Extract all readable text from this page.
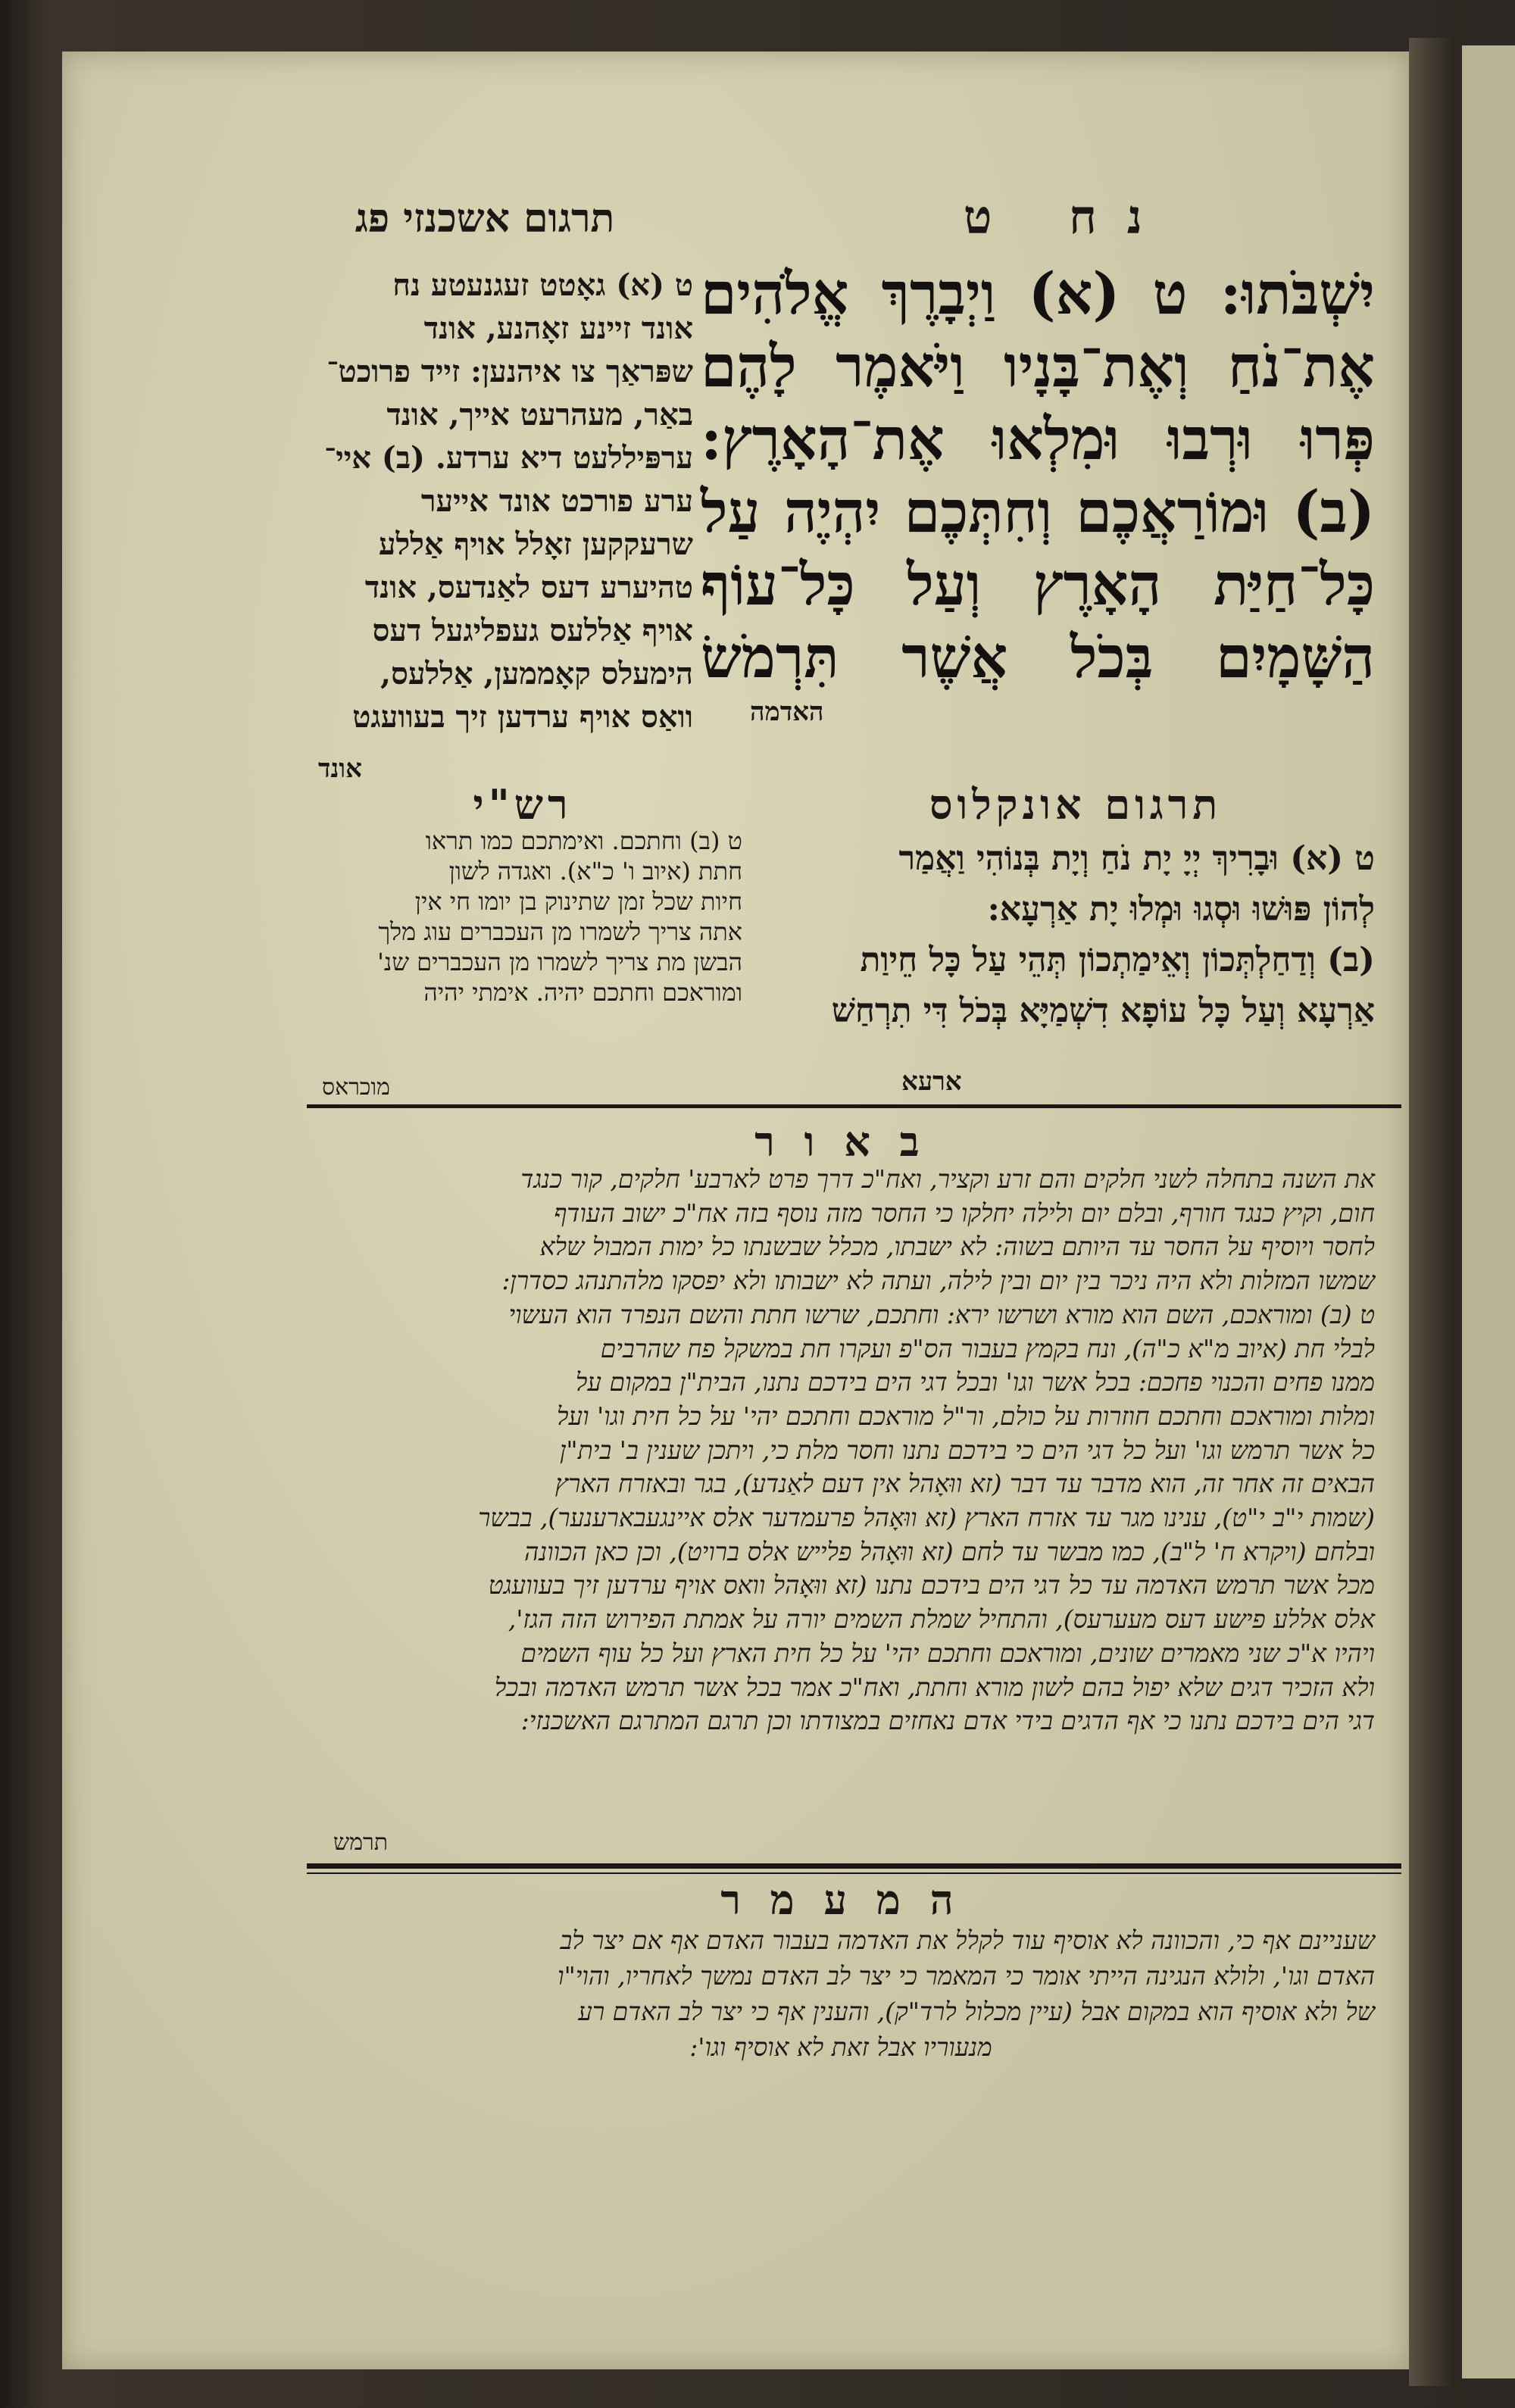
נח ט
תרגום אשכנזי פג
יִשְׁבֹּתוּ: ט (א) וַיְבָרֶךְ אֱלֹהִים
אֶת־נֹחַ וְאֶת־בָּנָיו וַיֹּאמֶר לָהֶם
פְּרוּ וּרְבוּ וּמִלְאוּ אֶת־הָאָרֶץ:
(ב) וּמוֹרַאֲכֶם וְחִתְּכֶם יִהְיֶה עַל
כָּל־חַיַּת הָאָרֶץ וְעַל כָּל־עוֹף
הַשָּׁמָיִם בְּכֹל אֲשֶׁר תִּרְמֹשׂ
האדמה
ט (א) גאָטט זעגנעטע נח
אונד זיינע זאָהנע, אונד
שפּראַך צו איהנען: זייד פרוכט־
באַר, מעהרעט אייך, אונד
ערפּיללעט דיא ערדע. (ב) איי־
ערע פורכט אונד אייער
שרעקקען זאָלל אויף אַללע
טהיערע דעס לאַנדעס, אונד
אויף אַללעס געפליגעל דעס
הימעלס קאָממען, אַללעס,
וואַס אויף ערדען זיך בעוועגט
אונד
תרגום אונקלוס
רש"י
ט (א) וּבָרִיךְ יְיָ יָת נֹחַ וְיָת בְּנוֹהִי וַאֲמַר
לְהוֹן פּוּשׁוּ וּסְגוּ וּמְלוּ יָת אַרְעָא:
(ב) וְדַחַלְתְּכוֹן וְאֵימַתְכוֹן תְּהֵי עַל כָּל חֵיוַת
אַרְעָא וְעַל כָּל עוֹפָא דִשְׁמַיָּא בְּכֹל דִּי תִרְחַשׁ
ארעא
ט (ב) וחתכם. ואימתכם כמו תראו
חתת (איוב ו' כ"א). ואגדה לשון
חיות שכל זמן שתינוק בן יומו חי אין
אתה צריך לשמרו מן העכברים עוג מלך
הבשן מת צריך לשמרו מן העכברים שנ'
ומוראכם וחתכם יהיה. אימתי יהיה
מוכראס
ב א ו ר
את השנה בתחלה לשני חלקים והם זרע וקציר, ואח"כ דרך פרט לארבע' חלקים, קור כנגד
חום, וקיץ כנגד חורף, ובלם יום ולילה יחלקו כי החסר מזה נוסף בזה אח"כ ישוב העודף
לחסר ויוסיף על החסר עד היותם בשוה: לא ישבתו, מכלל שבשנתו כל ימות המבול שלא
שמשו המזלות ולא היה ניכר בין יום ובין לילה, ועתה לא ישבותו ולא יפסקו מלהתנהג כסדרן:
ט (ב) ומוראכם, השם הוא מורא ושרשו ירא: וחתכם, שרשו חתת והשם הנפרד הוא העשוי
לבלי חת (איוב מ"א כ"ה), ונח בקמץ בעבור הס"פ ועקרו חת במשקל פח שהרבים
ממנו פחים והכנוי פחכם: בכל אשר וגו' ובכל דגי הים בידכם נתנו, הבית"ן במקום על
ומלות ומוראכם וחתכם חוזרות על כולם, ור"ל מוראכם וחתכם יהי' על כל חית וגו' ועל
כל אשר תרמש וגו' ועל כל דגי הים כי בידכם נתנו וחסר מלת כי, ויתכן שענין ב' בית"ן
הבאים זה אחר זה, הוא מדבר עד דבר (זא ווּאָהל אין דעם לאַנדע), בגר ובאזרח הארץ
(שמות י"ב י"ט), ענינו מגר עד אזרח הארץ (זא ווּאָהל פרעמדער אלס איינגעבארענער), בבשר
ובלחם (ויקרא ח' ל"ב), כמו מבשר עד לחם (זא ווּאָהל פלייש אלס ברויט), וכן כאן הכוונה
מכל אשר תרמש האדמה עד כל דגי הים בידכם נתנו (זא ווּאָהל וואס אויף ערדען זיך בעוועגט
אלס אללע פישע דעס מעערעס), והתחיל שמלת השמים יורה על אמתת הפירוש הזה הגז',
ויהיו א"כ שני מאמרים שונים, ומוראכם וחתכם יהי' על כל חית הארץ ועל כל עוף השמים
ולא הזכיר דגים שלא יפול בהם לשון מורא וחתת, ואח"כ אמר בכל אשר תרמש האדמה ובכל
דגי הים בידכם נתנו כי אף הדגים בידי אדם נאחזים במצודתו וכן תרגם המתרגם האשכנזי:
תרמש
ה מ ע מ ר
שעניינם אף כי, והכוונה לא אוסיף עוד לקלל את האדמה בעבור האדם אף אם יצר לב
האדם וגו', ולולא הנגינה הייתי אומר כי המאמר כי יצר לב האדם נמשך לאחריו, והוי"ו
של ולא אוסיף הוא במקום אבל (עיין מכלול לרד"ק), והענין אף כי יצר לב האדם רע
מנעוריו אבל זאת לא אוסיף וגו':
